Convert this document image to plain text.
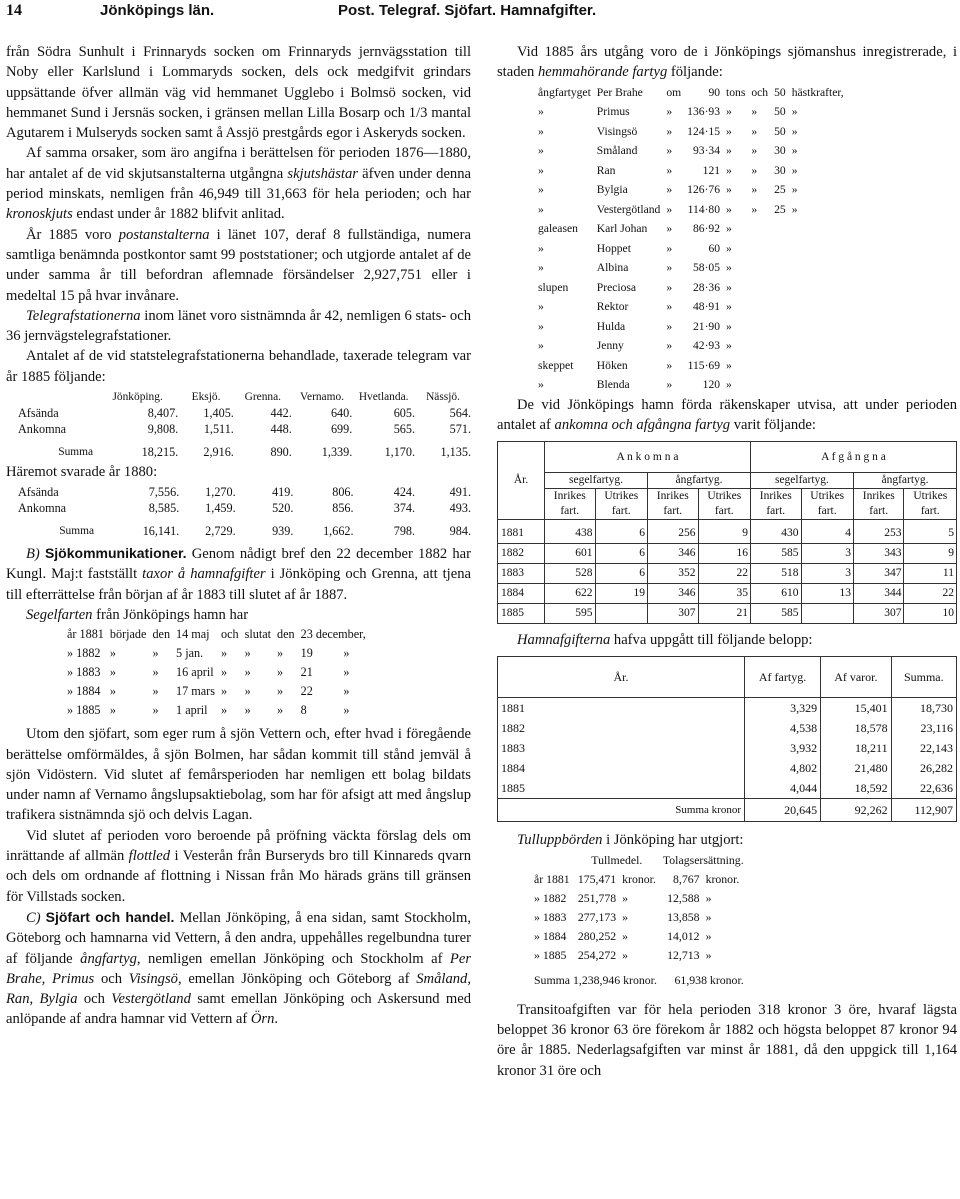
14	Jönköpings län.	Post. Telegraf. Sjöfart. Hamnafgifter.

från Södra Sunhult i Frinnaryds socken om Frinnaryds jernvägsstation till Noby eller Karlslund i Lommaryds socken, dels ock medgifvit grindars uppsättande öfver allmän väg vid hemmanet Ugglebo i Bolmsö socken, vid hemmanet Sund i Jersnäs socken, i gränsen mellan Lilla Bosarp och 1/3 mantal Agutarem i Mulseryds socken samt å Assjö prestgårds egor i Askeryds socken.

Af samma orsaker, som äro angifna i berättelsen för perioden 1876—1880, har antalet af de vid skjutsanstalterna utgångna skjutshästar äfven under denna period minskats, nemligen från 46,949 till 31,663 för hela perioden; och har kronoskjuts endast under år 1882 blifvit anlitad.

År 1885 voro postanstalterna i länet 107, deraf 8 fullständiga, numera samtliga benämnda postkontor samt 99 poststationer; och utgjorde antalet af de under samma år till befordran aflemnade försändelser 2,927,751 eller i medeltal 15 på hvar invånare.

Telegrafstationerna inom länet voro sistnämnda år 42, nemligen 6 stats- och 36 jernvägstelegrafstationer.

Antalet af de vid statstelegrafstationerna behandlade, taxerade telegram var år 1885 följande:

	Jönköping.	Eksjö.	Grenna.	Vernamo.	Hvetlanda.	Nässjö.
Afsända	8,407.	1,405.	442.	640.	605.	564.
Ankomna	9,808.	1,511.	448.	699.	565.	571.
Summa	18,215.	2,916.	890.	1,339.	1,170.	1,135.

Häremot svarade år 1880:

Afsända	7,556.	1,270.	419.	806.	424.	491.
Ankomna	8,585.	1,459.	520.	856.	374.	493.
Summa	16,141.	2,729.	939.	1,662.	798.	984.

B) Sjökommunikationer. Genom nådigt bref den 22 december 1882 har Kungl. Maj:t fastställt taxor å hamnafgifter i Jönköping och Grenna, att tjena till efterrättelse från början af år 1883 till slutet af år 1887.

Segelfarten från Jönköpings hamn har

år 1881	började	den	14 maj	och	slutat	den	23 december,	
» 1882	»	»	5 jan.	»	»	»	19	»
» 1883	»	»	16 april	»	»	»	21	»
» 1884	»	»	17 mars	»	»	»	22	»
» 1885	»	»	1 april	»	»	»	8	»

Utom den sjöfart, som eger rum å sjön Vettern och, efter hvad i föregående berättelse omförmäldes, å sjön Bolmen, har sådan kommit till stånd jemväl å sjön Vidöstern. Vid slutet af femårsperioden har nemligen ett bolag bildats under namn af Vernamo ångslupsaktiebolag, som har för afsigt att med ångslup trafikera sistnämnda sjö och delvis Lagan.

Vid slutet af perioden voro beroende på pröfning väckta förslag dels om inrättande af allmän flottled i Vesterån från Burseryds bro till Kinnareds qvarn och dels om ordnande af flottning i Nissan från Mo härads gräns till gränsen för Villstads socken.

C) Sjöfart och handel. Mellan Jönköping, å ena sidan, samt Stockholm, Göteborg och hamnarna vid Vettern, å den andra, uppehålles regelbundna turer af följande ångfartyg, nemligen emellan Jönköping och Stockholm af Per Brahe, Primus och Visingsö, emellan Jönköping och Göteborg af Småland, Ran, Bylgia och Vestergötland samt emellan Jönköping och Askersund med anlöpande af andra hamnar vid Vettern af Örn.

Vid 1885 års utgång voro de i Jönköpings sjömanshus inregistrerade, i staden hemmahörande fartyg följande:

ångfartyget	Per Brahe	om	90	tons	och	50	hästkrafter,
»	Primus	»	136·93	»	»	50	»
»	Visingsö	»	124·15	»	»	50	»
»	Småland	»	93·34	»	»	30	»
»	Ran	»	121	»	»	30	»
»	Bylgia	»	126·76	»	»	25	»
»	Vestergötland	»	114·80	»	»	25	»
galeasen	Karl Johan	»	86·92	»			
»	Hoppet	»	60	»			
»	Albina	»	58·05	»			
slupen	Preciosa	»	28·36	»			
»	Rektor	»	48·91	»			
»	Hulda	»	21·90	»			
»	Jenny	»	42·93	»			
skeppet	Höken	»	115·69	»			
»	Blenda	»	120	»			

De vid Jönköpings hamn förda räkenskaper utvisa, att under perioden antalet af ankomna och afgångna fartyg varit följande:

År.	A n k o m n a				A f g å n g n a			
	segelfartyg.		ångfartyg.		segelfartyg.		ångfartyg.	
	Inrikes fart.	Utrikes fart.	Inrikes fart.	Utrikes fart.	Inrikes fart.	Utrikes fart.	Inrikes fart.	Utrikes fart.
1881	438	6	256	9	430	4	253	5
1882	601	6	346	16	585	3	343	9
1883	528	6	352	22	518	3	347	11
1884	622	19	346	35	610	13	344	22
1885	595		307	21	585		307	10

Hamnafgifterna hafva uppgått till följande belopp:

År.	Af fartyg.	Af varor.	Summa.
1881	3,329	15,401	18,730
1882	4,538	18,578	23,116
1883	3,932	18,211	22,143
1884	4,802	21,480	26,282
1885	4,044	18,592	22,636
Summa kronor	20,645	92,262	112,907

Tulluppbörden i Jönköping har utgjort:

	Tullmedel.		Tolagsersättning.	
år 1881	175,471	kronor.	8,767	kronor.
» 1882	251,778	»	12,588	»
» 1883	277,173	»	13,858	»
» 1884	280,252	»	14,012	»
» 1885	254,272	»	12,713	»
Summa 1,238,946 kronor.			61,938 kronor.	

Transitoafgiften var för hela perioden 318 kronor 3 öre, hvaraf lägsta beloppet 36 kronor 63 öre förekom år 1882 och högsta beloppet 87 kronor 94 öre år 1885. Nederlagsafgiften var minst år 1881, då den uppgick till 1,164 kronor 31 öre och
